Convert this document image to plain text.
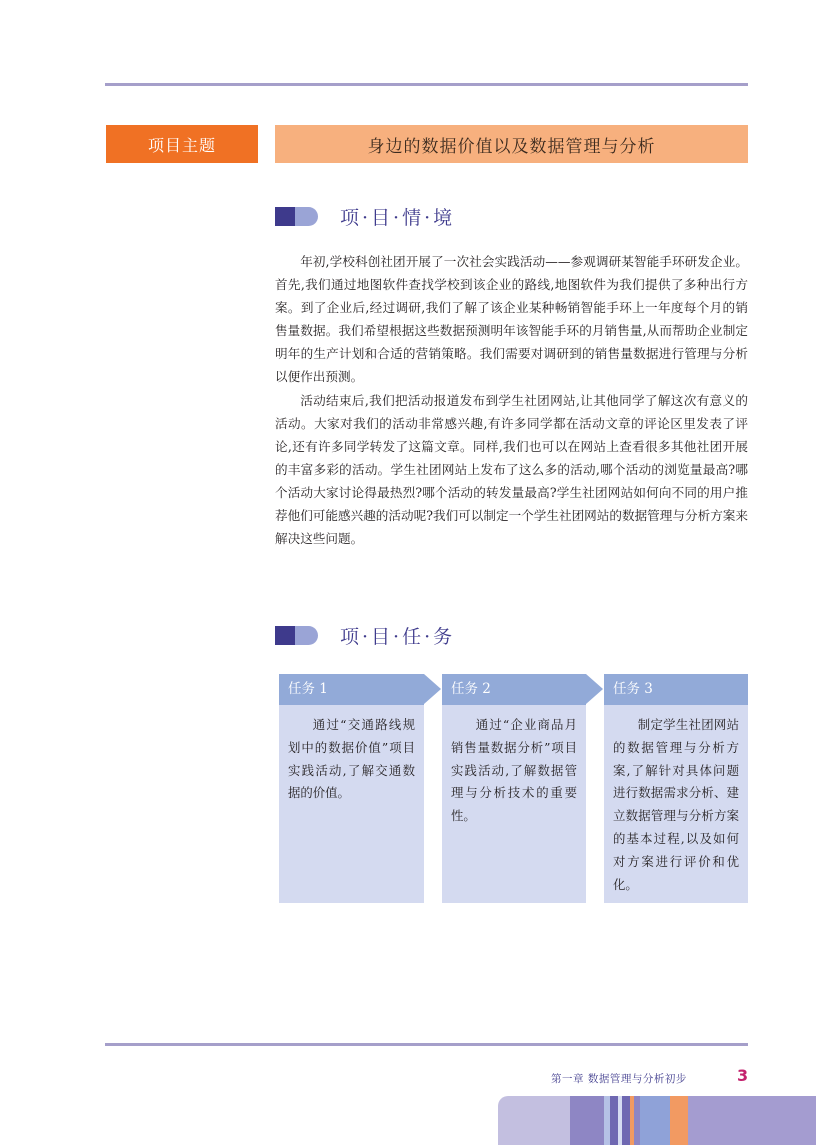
项目主题	身边的数据价值以及数据管理与分析
项·目·情·境

年初,学校科创社团开展了一次社会实践活动——参观调研某智能手环研发企业。首先,我们通过地图软件查找学校到该企业的路线,地图软件为我们提供了多种出行方案。到了企业后,经过调研,我们了解了该企业某种畅销智能手环上一年度每个月的销售量数据。我们希望根据这些数据预测明年该智能手环的月销售量,从而帮助企业制定明年的生产计划和合适的营销策略。我们需要对调研到的销售量数据进行管理与分析以便作出预测。

活动结束后,我们把活动报道发布到学生社团网站,让其他同学了解这次有意义的活动。大家对我们的活动非常感兴趣,有许多同学都在活动文章的评论区里发表了评论,还有许多同学转发了这篇文章。同样,我们也可以在网站上查看很多其他社团开展的丰富多彩的活动。学生社团网站上发布了这么多的活动,哪个活动的浏览量最高?哪个活动大家讨论得最热烈?哪个活动的转发量最高?学生社团网站如何向不同的用户推荐他们可能感兴趣的活动呢?我们可以制定一个学生社团网站的数据管理与分析方案来解决这些问题。

项·目·任·务
任务 1

通过“交通路线规划中的数据价值”项目实践活动,了解交通数据的价值。

任务 2

通过“企业商品月销售量数据分析”项目实践活动,了解数据管理与分析技术的重要性。

任务 3

制定学生社团网站的数据管理与分析方案,了解针对具体问题进行数据需求分析、建立数据管理与分析方案的基本过程,以及如何对方案进行评价和优化。

第一章 数据管理与分析初步	3
